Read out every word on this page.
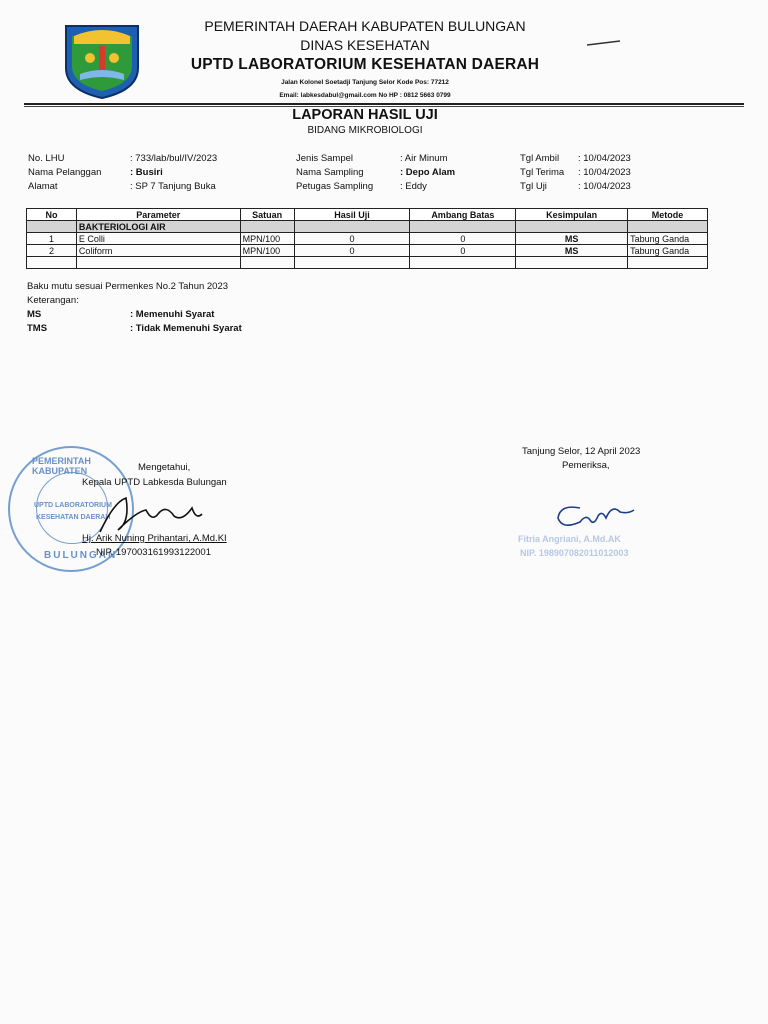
PEMERINTAH DAERAH KABUPATEN BULUNGAN
DINAS KESEHATAN
UPTD LABORATORIUM KESEHATAN DAERAH
Jalan Kolonel Soetadji Tanjung Selor Kode Pos: 77212
Email: labkesdabul@gmail.com No HP : 0812 5663 0799
LAPORAN HASIL UJI
BIDANG MIKROBIOLOGI
No. LHU	: 733/lab/bul/IV/2023
Nama Pelanggan	: Busiri
Alamat	: SP 7 Tanjung Buka
Jenis Sampel	: Air Minum
Nama Sampling	: Depo Alam
Petugas Sampling	: Eddy
Tgl Ambil : 10/04/2023
Tgl Terima : 10/04/2023
Tgl Uji	: 10/04/2023
No	Parameter	Satuan	Hasil Uji	Ambang Batas	Kesimpulan	Metode
	BAKTERIOLOGI AIR					
1	E Colli	MPN/100	0	0	MS	Tabung Ganda
2	Coliform	MPN/100	0	0	MS	Tabung Ganda

Baku mutu sesuai Permenkes No.2 Tahun 2023
Keterangan:
MS	: Memenuhi Syarat
TMS	: Tidak Memenuhi Syarat
PEMERINTAH KABUPATEN
UPTD LABORATORIUM
KESEHATAN DAERAH
BULUNGAN
Mengetahui,
Kepala UPTD Labkesda Bulungan
Hj. Arik Nuning Prihantari, A.Md.KI
NIP. 197003161993122001
Tanjung Selor, 12 April 2023
Pemeriksa,
Fitria Angriani, A.Md.AK
NIP. 198907082011012003
